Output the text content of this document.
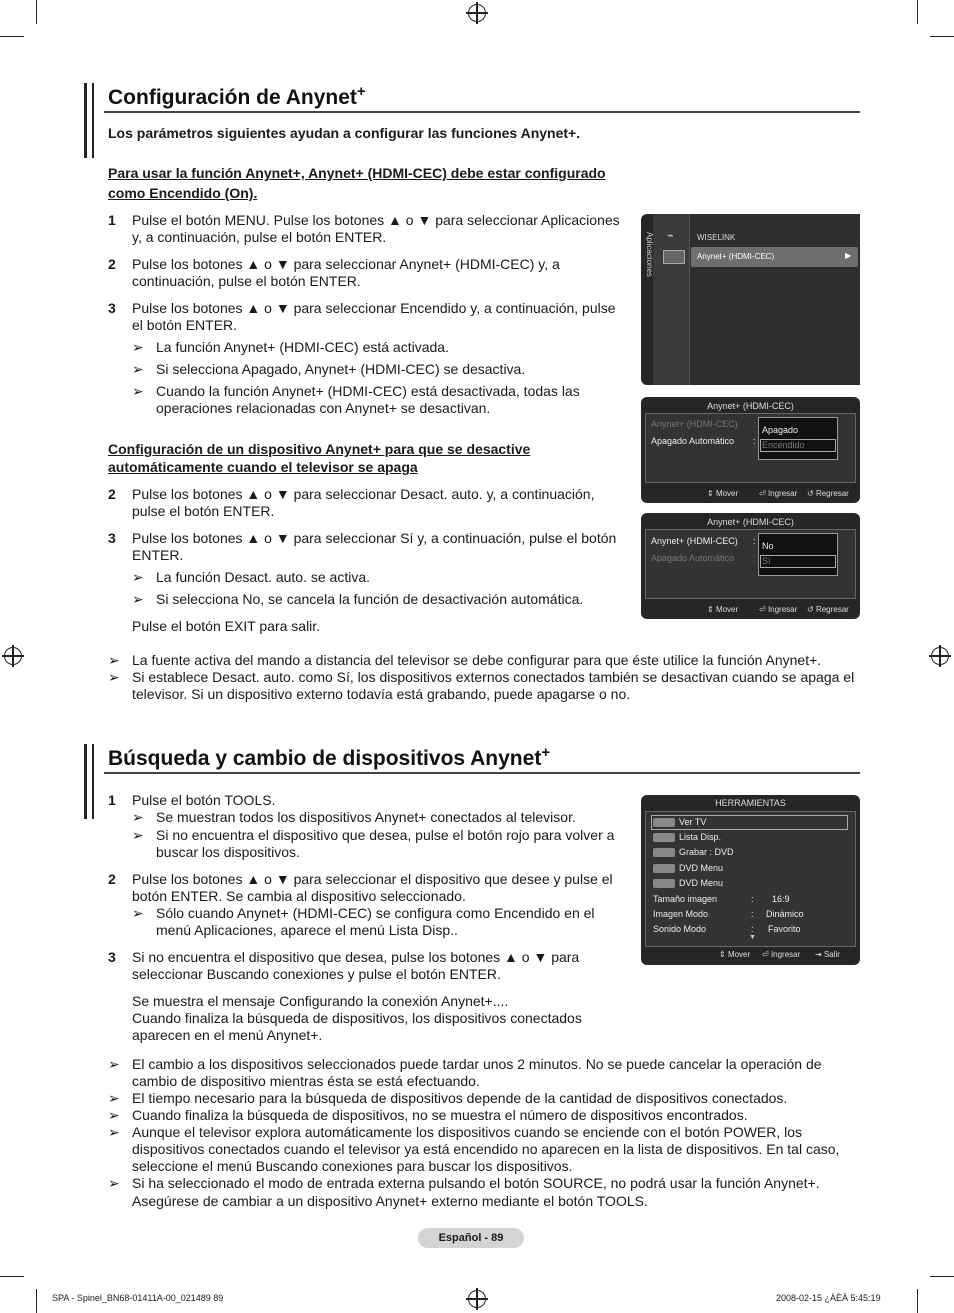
Configuración de Anynet+
Los parámetros siguientes ayudan a configurar las funciones Anynet+.
Para usar la función Anynet+, Anynet+ (HDMI-CEC) debe estar configurado
como Encendido (On).
1 Pulse el botón MENU. Pulse los botones ▲ o ▼ para seleccionar Aplicaciones
y, a continuación, pulse el botón ENTER.
2 Pulse los botones ▲ o ▼ para seleccionar Anynet+ (HDMI-CEC) y, a
continuación, pulse el botón ENTER.
3 Pulse los botones ▲ o ▼ para seleccionar Encendido y, a continuación, pulse
el botón ENTER.
➢ La función Anynet+ (HDMI-CEC) está activada.
➢ Si selecciona Apagado, Anynet+ (HDMI-CEC) se desactiva.
➢ Cuando la función Anynet+ (HDMI-CEC) está desactivada, todas las
operaciones relacionadas con Anynet+ se desactivan.
Configuración de un dispositivo Anynet+ para que se desactive
automáticamente cuando el televisor se apaga
2 Pulse los botones ▲ o ▼ para seleccionar Desact. auto. y, a continuación,
pulse el botón ENTER.
3 Pulse los botones ▲ o ▼ para seleccionar Sí y, a continuación, pulse el botón
ENTER.
➢ La función Desact. auto. se activa.
➢ Si selecciona No, se cancela la función de desactivación automática.
Pulse el botón EXIT para salir.
➢ La fuente activa del mando a distancia del televisor se debe configurar para que éste utilice la función Anynet+.
➢ Si establece Desact. auto. como Sí, los dispositivos externos conectados también se desactivan cuando se apaga el
televisor. Si un dispositivo externo todavía está grabando, puede apagarse o no.
Aplicaciones ⌁	WISELINK
Anynet+ (HDMI-CEC)	▶
Anynet+ (HDMI-CEC)
Anynet+ (HDMI-CEC)
Apagado Automático
:
:
Apagado
Encendido
⇕ Mover	⏎ Ingresar ↺ Regresar
Anynet+ (HDMI-CEC)
Anynet+ (HDMI-CEC)
Apagado Automático
:
:
No
Sí
⇕ Mover	⏎ Ingresar ↺ Regresar
Búsqueda y cambio de dispositivos Anynet+
1 Pulse el botón TOOLS.
➢ Se muestran todos los dispositivos Anynet+ conectados al televisor.
➢ Si no encuentra el dispositivo que desea, pulse el botón rojo para volver a
buscar los dispositivos.
2 Pulse los botones ▲ o ▼ para seleccionar el dispositivo que desee y pulse el
botón ENTER. Se cambia al dispositivo seleccionado.
➢ Sólo cuando Anynet+ (HDMI-CEC) se configura como Encendido en el
menú Aplicaciones, aparece el menú Lista Disp..
3 Si no encuentra el dispositivo que desea, pulse los botones ▲ o ▼ para
seleccionar Buscando conexiones y pulse el botón ENTER.
Se muestra el mensaje Configurando la conexión Anynet+....
Cuando finaliza la búsqueda de dispositivos, los dispositivos conectados
aparecen en el menú Anynet+.
➢ El cambio a los dispositivos seleccionados puede tardar unos 2 minutos. No se puede cancelar la operación de
cambio de dispositivo mientras ésta se está efectuando.
➢ El tiempo necesario para la búsqueda de dispositivos depende de la cantidad de dispositivos conectados.
➢ Cuando finaliza la búsqueda de dispositivos, no se muestra el número de dispositivos encontrados.
➢ Aunque el televisor explora automáticamente los dispositivos cuando se enciende con el botón POWER, los
dispositivos conectados cuando el televisor ya está encendido no aparecen en la lista de dispositivos. En tal caso,
seleccione el menú Buscando conexiones para buscar los dispositivos.
➢ Si ha seleccionado el modo de entrada externa pulsando el botón SOURCE, no podrá usar la función Anynet+.
Asegúrese de cambiar a un dispositivo Anynet+ externo mediante el botón TOOLS.
HERRAMIENTAS
Ver TV
Lista Disp.
Grabar : DVD
DVD Menu
DVD Menu
Tamaño imagen	: 16:9
Imagen Modo	: Dinámico
Sonido Modo	: Favorito
▼
⇕ Mover ⏎ Ingresar ⇥ Salir
Español - 89
SPA - Spinel_BN68-01411A-00_021489 89	2008-02-15 ¿ÀÈÄ 5:45:19
